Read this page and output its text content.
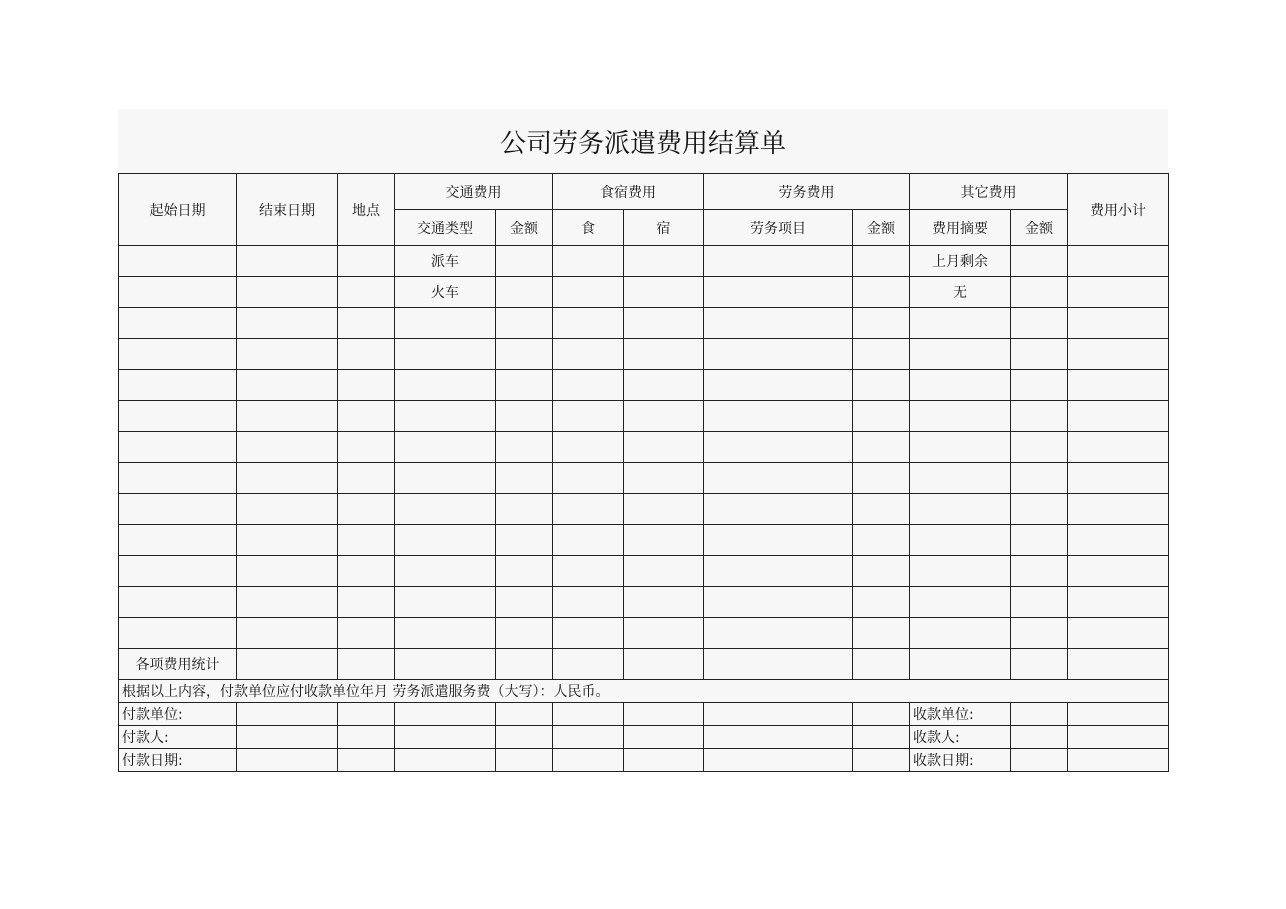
公司劳务派遣费用结算单
起始日期	结束日期	地点	交通费用		食宿费用		劳务费用		其它费用		费用小计
			交通类型	金额	食	宿	劳务项目	金额	费用摘要	金额	
			派车						上月剩余		
			火车						无		

各项费用统计											
根据以上内容，付款单位应付收款单位年月 劳务派遣服务费（大写）：人民币。											
付款单位:									收款单位:		
付款人:									收款人:		
付款日期:									收款日期:		
